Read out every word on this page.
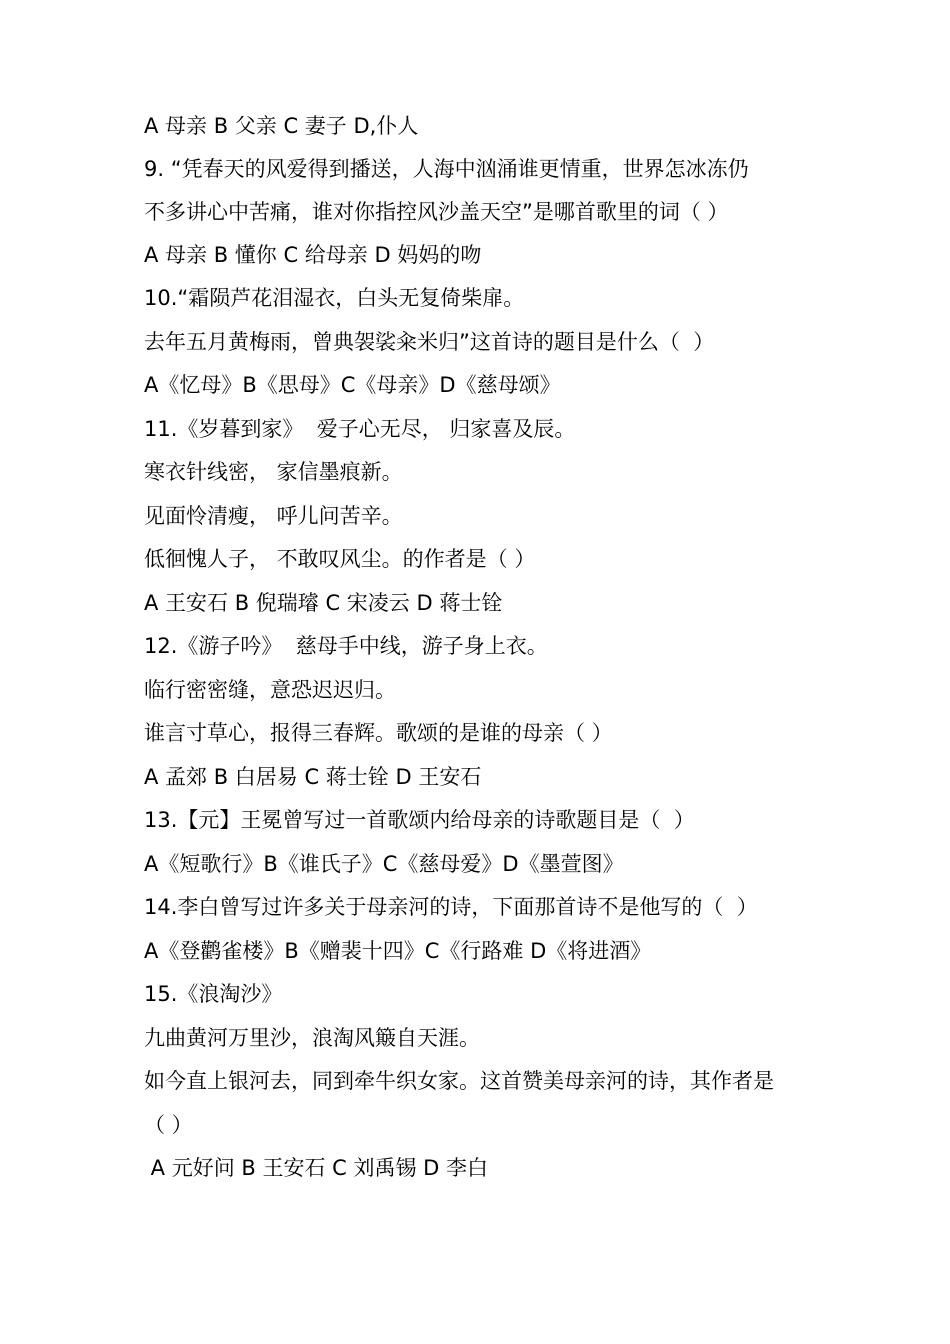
A 母亲 B 父亲 C 妻子 D,仆人
9. “凭春天的风爱得到播送，人海中汹涌谁更情重，世界怎冰冻仍
不多讲心中苦痛，谁对你指控风沙盖天空”是哪首歌里的词（ ）
A 母亲 B 懂你 C 给母亲 D 妈妈的吻
10.“霜陨芦花泪湿衣，白头无复倚柴扉。
去年五月黄梅雨，曾典袈裟籴米归”这首诗的题目是什么（  ）
A《忆母》B《思母》C《母亲》D《慈母颂》
11.《岁暮到家》  爱子心无尽， 归家喜及辰。
寒衣针线密， 家信墨痕新。
见面怜清瘦， 呼儿问苦辛。
低徊愧人子， 不敢叹风尘。的作者是（ ）
A 王安石 B 倪瑞璿 C 宋凌云 D 蒋士铨
12.《游子吟》  慈母手中线，游子身上衣。
临行密密缝，意恐迟迟归。
谁言寸草心，报得三春辉。歌颂的是谁的母亲（ ）
A 孟郊 B 白居易 C 蒋士铨 D 王安石
13.【元】王冕曾写过一首歌颂内给母亲的诗歌题目是（  ）
A《短歌行》B《谁氏子》C《慈母爱》D《墨萱图》
14.李白曾写过许多关于母亲河的诗，下面那首诗不是他写的（  ）
A《登鹳雀楼》B《赠裴十四》C《行路难 D《将进酒》
15.《浪淘沙》
九曲黄河万里沙，浪淘风簸自天涯。
如今直上银河去，同到牵牛织女家。这首赞美母亲河的诗，其作者是
（ ）
A 元好问 B 王安石 C 刘禹锡 D 李白
